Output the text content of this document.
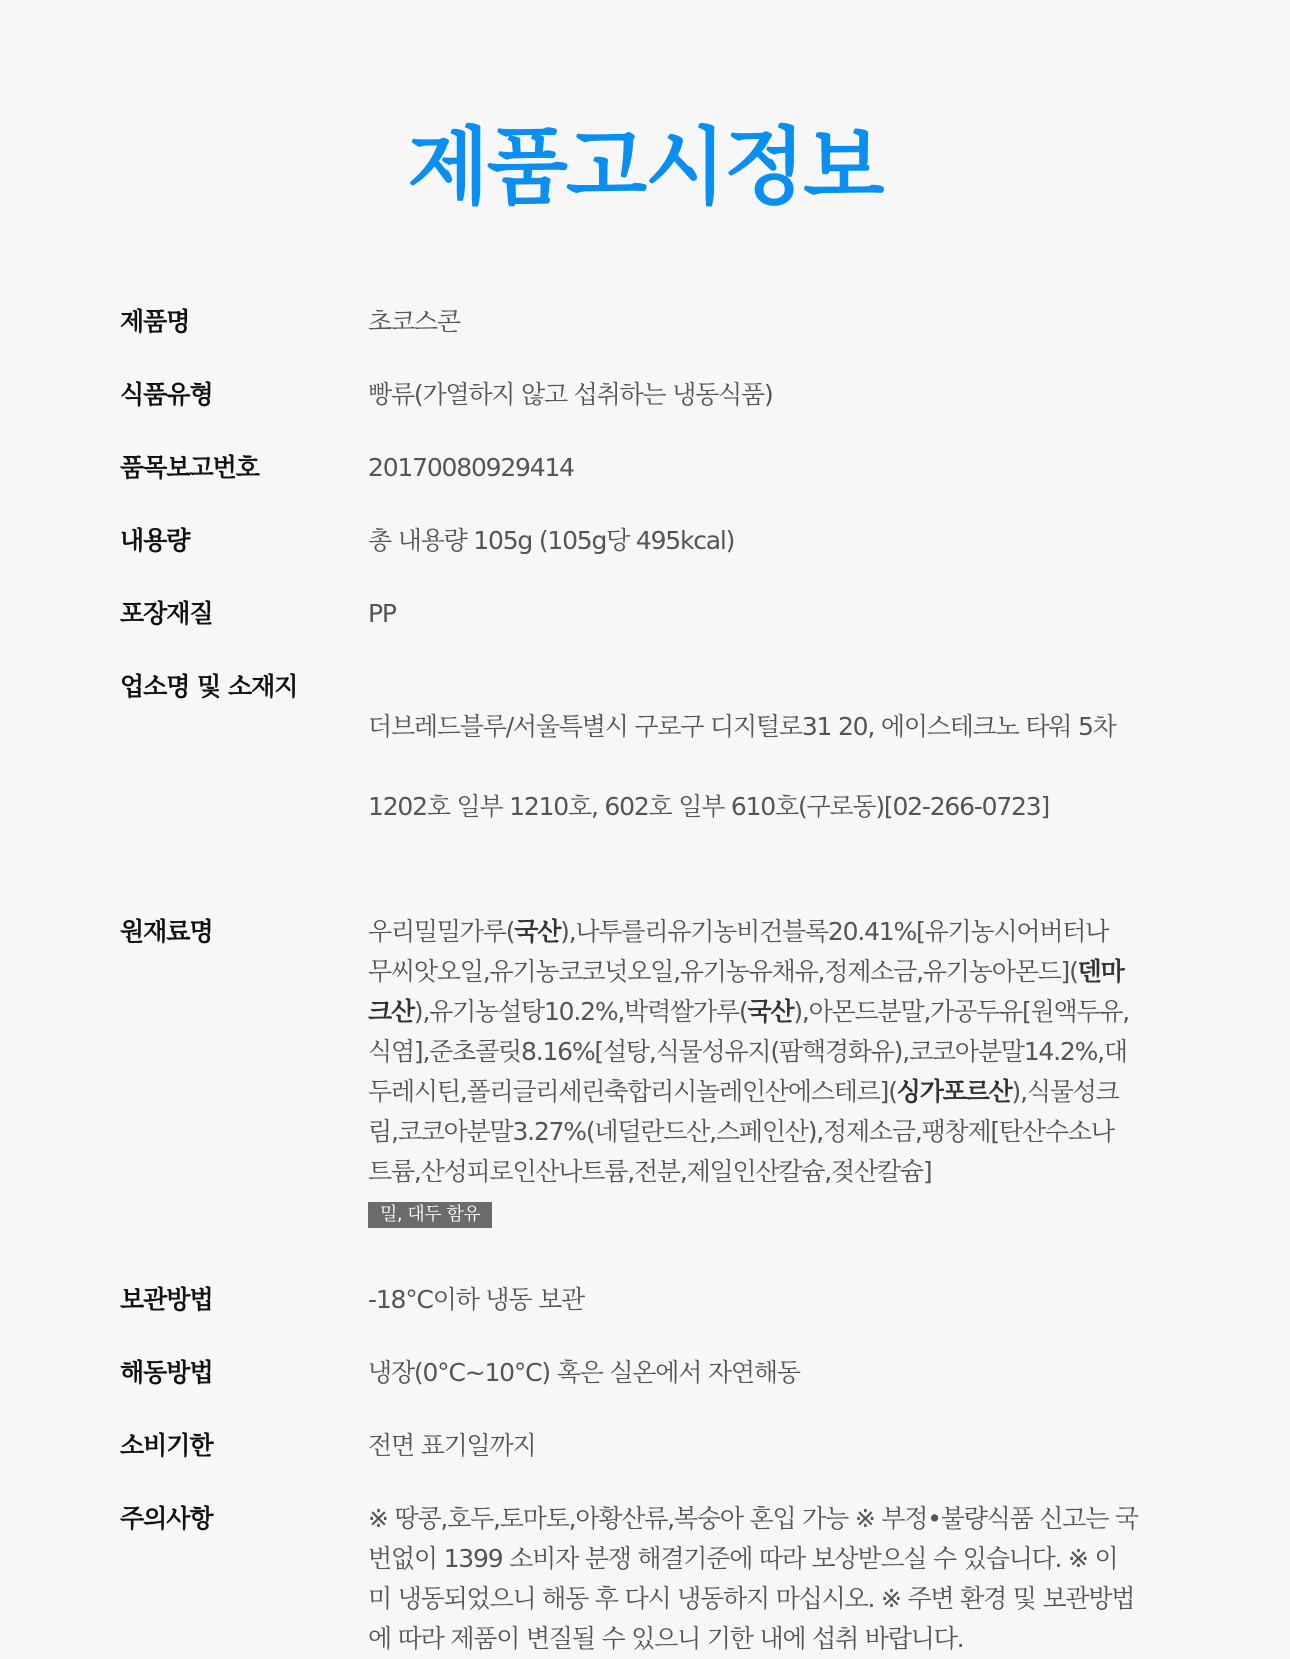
제품고시정보
제품명	초코스콘
식품유형	빵류(가열하지 않고 섭취하는 냉동식품)
품목보고번호	20170080929414
내용량	총 내용량 105g (105g당 495kcal)
포장재질	PP
업소명 및 소재지

더브레드블루/서울특별시 구로구 디지털로31 20, 에이스테크노 타워 5차

1202호 일부 1210호, 602호 일부 610호(구로동)[02-266-0723]

원재료명	우리밀밀가루(국산),나투를리유기농비건블록20.41%[유기농시어버터나
무씨앗오일,유기농코코넛오일,유기농유채유,정제소금,유기농아몬드](덴마
크산),유기농설탕10.2%,박력쌀가루(국산),아몬드분말,가공두유[원액두유,
식염],준초콜릿8.16%[설탕,식물성유지(팜핵경화유),코코아분말14.2%,대
두레시틴,폴리글리세린축합리시놀레인산에스테르](싱가포르산),식물성크
림,코코아분말3.27%(네덜란드산,스페인산),정제소금,팽창제[탄산수소나
트륨,산성피로인산나트륨,전분,제일인산칼슘,젖산칼슘]
밀, 대두 함유
보관방법	-18°C이하 냉동 보관
해동방법	냉장(0°C~10°C) 혹은 실온에서 자연해동
소비기한	전면 표기일까지
주의사항	※ 땅콩,호두,토마토,아황산류,복숭아 혼입 가능 ※ 부정•불량식품 신고는 국
번없이 1399 소비자 분쟁 해결기준에 따라 보상받으실 수 있습니다. ※ 이
미 냉동되었으니 해동 후 다시 냉동하지 마십시오. ※ 주변 환경 및 보관방법
에 따라 제품이 변질될 수 있으니 기한 내에 섭취 바랍니다.
